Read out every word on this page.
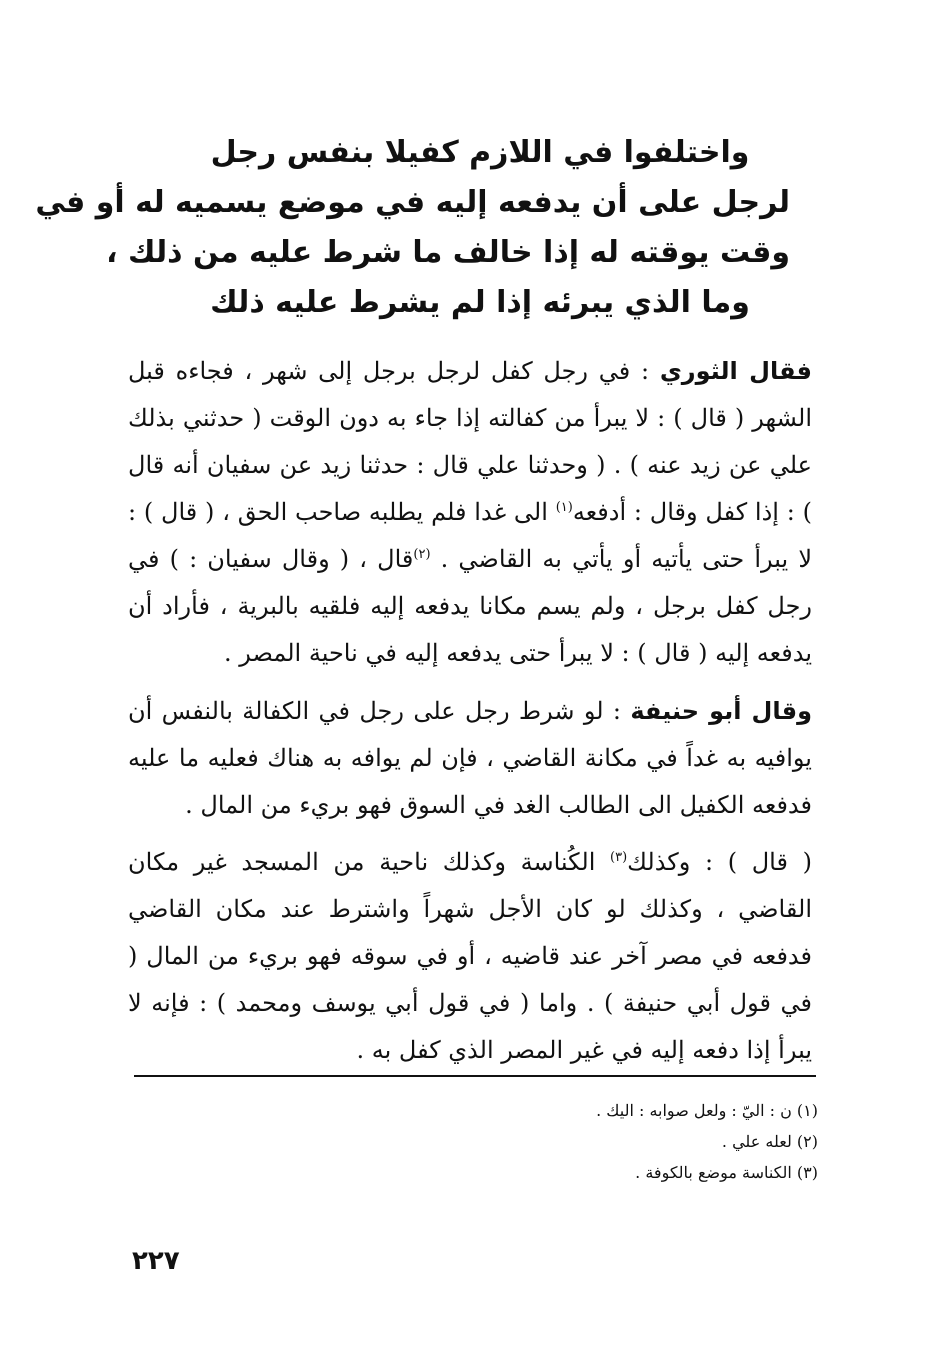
واختلفوا في اللازم كفيلا بنفس رجل
لرجل على أن يدفعه إليه في موضع يسميه له أو في
وقت يوقته له إذا خالف ما شرط عليه من ذلك ،
وما الذي يبرئه إذا لم يشرط عليه ذلك
فقال الثوري : في رجل كفل لرجل برجل إلى شهر ، فجاءه قبل الشهر ( قال ) : لا يبرأ من كفالته إذا جاء به دون الوقت ( حدثني بذلك علي عن زيد عنه ) . ( وحدثنا علي قال : حدثنا زيد عن سفيان أنه قال ) : إذا كفل وقال : أدفعه$^{(١)}$ الى غدا فلم يطلبه صاحب الحق ، ( قال ) : لا يبرأ حتى يأتيه أو يأتي به القاضي . $^{(٢)}$قال ، ( وقال سفيان : ) في رجل كفل برجل ، ولم يسم مكانا يدفعه إليه فلقيه بالبرية ، فأراد أن يدفعه إليه ( قال ) : لا يبرأ حتى يدفعه إليه في ناحية المصر .
وقال أبو حنيفة : لو شرط رجل على رجل في الكفالة بالنفس أن يوافيه به غداً في مكانة القاضي ، فإن لم يوافه به هناك فعليه ما عليه فدفعه الكفيل الى الطالب الغد في السوق فهو بريء من المال .
( قال ) : وكذلك$^{(٣)}$ الكُناسة وكذلك ناحية من المسجد غير مكان القاضي ، وكذلك لو كان الأجل شهراً واشترط عند مكان القاضي فدفعه في مصر آخر عند قاضيه ، أو في سوقه فهو بريء من المال ( في قول أبي حنيفة ) . واما ( في قول أبي يوسف ومحمد ) : فإنه لا يبرأ إذا دفعه إليه في غير المصر الذي كفل به .
(١) ن : اليّ : ولعل صوابه : اليك .
(٢) لعله علي .
(٣) الكناسة موضع بالكوفة .
٢٢٧
